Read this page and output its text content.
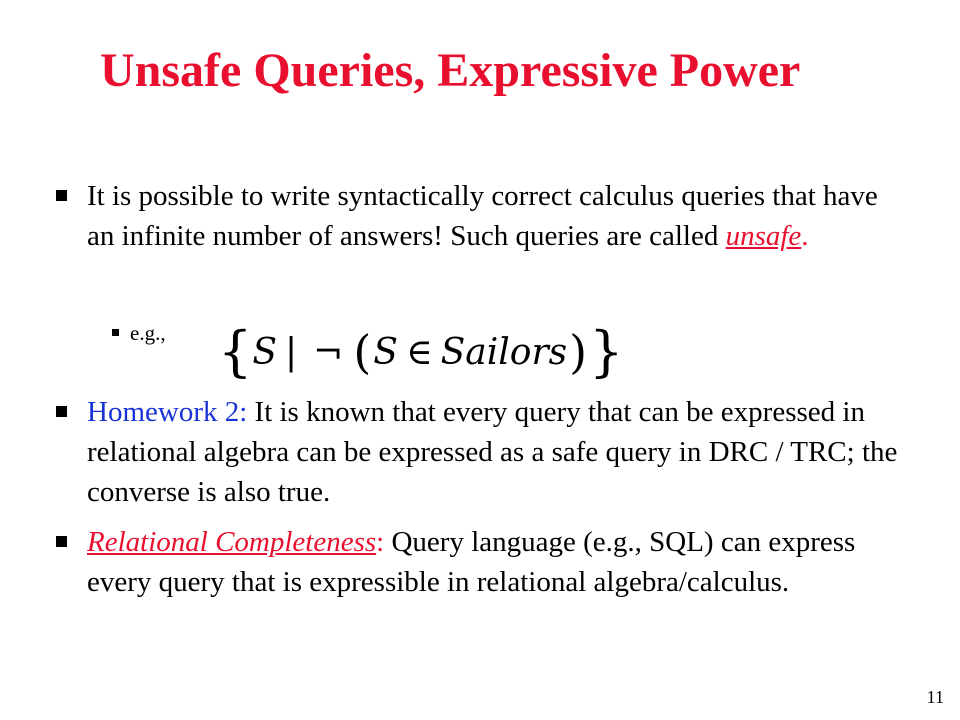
Unsafe Queries, Expressive Power
It is possible to write syntactically correct calculus queries that have an infinite number of answers! Such queries are called unsafe.
e.g., { S | ¬ ( S ∈ Sailors ) }
Homework 2: It is known that every query that can be expressed in relational algebra can be expressed as a safe query in DRC / TRC; the converse is also true.
Relational Completeness: Query language (e.g., SQL) can express every query that is expressible in relational algebra/calculus.
11
